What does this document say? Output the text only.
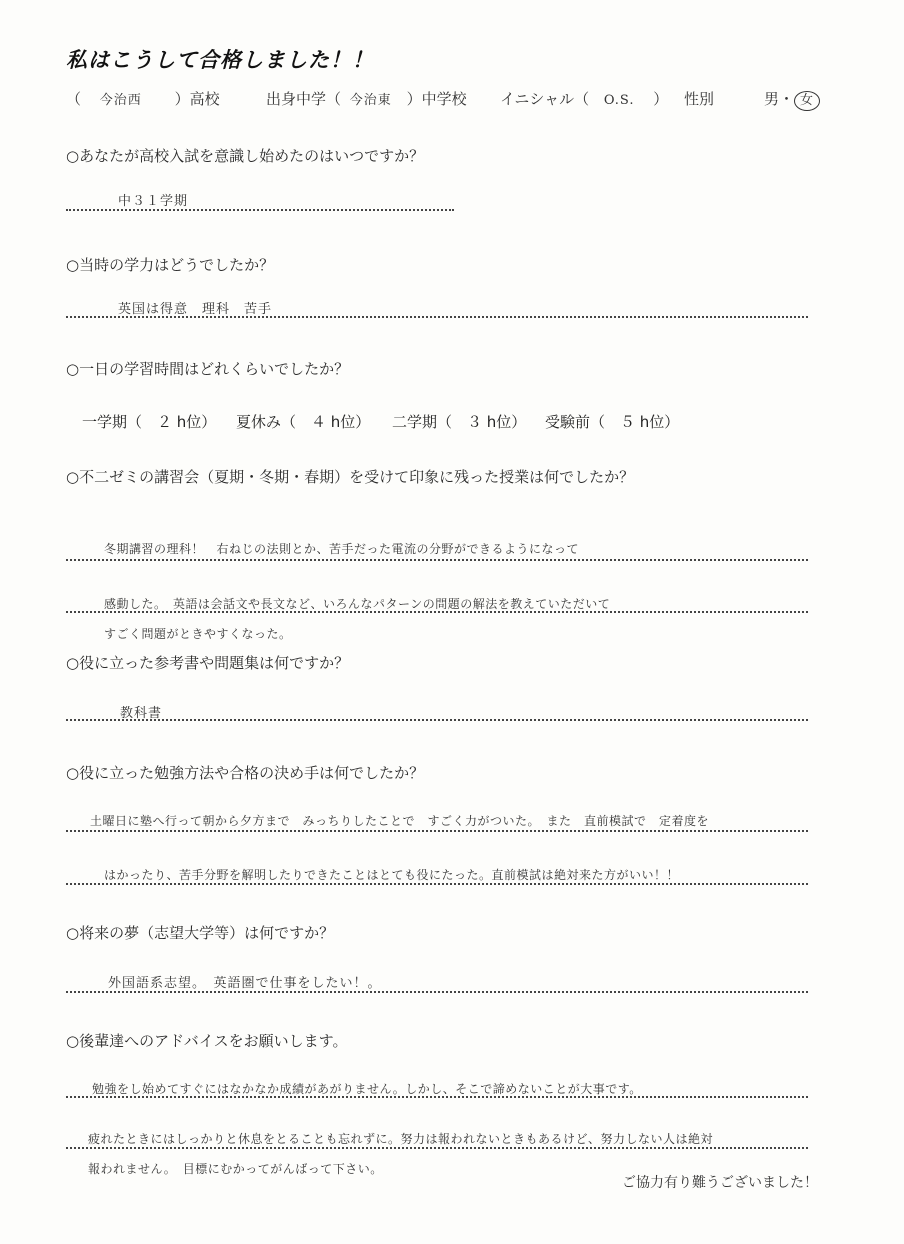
私はこうして合格しました！！
（ 今治西 ）高校	出身中学（ 今治東 ）中学校 イニシャル（ O.S. ） 性別	男・ 女
○あなたが高校入試を意識し始めたのはいつですか？
中３１学期
○当時の学力はどうでしたか？
英国は得意　理科　苦手
○一日の学習時間はどれくらいでしたか？
一学期（　２ h位） 夏休み（　４ h位） 二学期（　３ h位） 受験前（　５ h位）
○不二ゼミの講習会（夏期・冬期・春期）を受けて印象に残った授業は何でしたか？
冬期講習の理科！　右ねじの法則とか、苦手だった電流の分野ができるようになって
感動した。　英語は会話文や長文など、いろんなパターンの問題の解法を教えていただいて
すごく問題がときやすくなった。
○役に立った参考書や問題集は何ですか？
教科書
○役に立った勉強方法や合格の決め手は何でしたか？
土曜日に塾へ行って朝から夕方まで　みっちりしたことで　すごく力がついた。　また　直前模試で　定着度を
はかったり、苦手分野を解明したりできたことはとても役にたった。直前模試は絶対来た方がいい！！
○将来の夢（志望大学等）は何ですか？
外国語系志望。　英語圏で仕事をしたい！。
○後輩達へのアドバイスをお願いします。
勉強をし始めてすぐにはなかなか成績があがりません。しかし、そこで諦めないことが大事です。
疲れたときにはしっかりと休息をとることも忘れずに。努力は報われないときもあるけど、努力しない人は絶対
報われません。　目標にむかってがんばって下さい。
ご協力有り難うございました！
